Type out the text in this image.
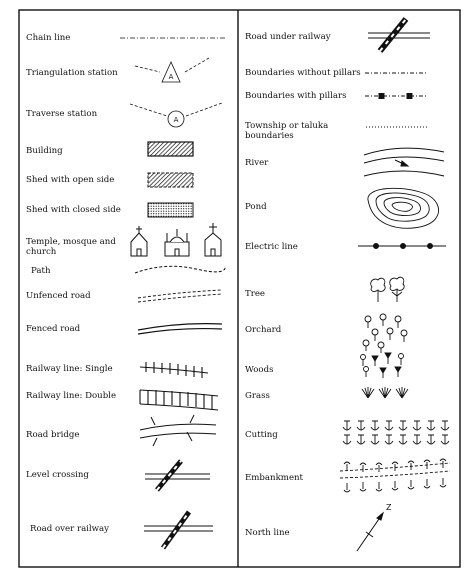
Chain line
Triangulation station
Traverse station
Building
Shed with open side
Shed with closed side
Temple, mosque and church
Path
Unfenced road
Fenced road
Railway line: Single
Railway line: Double
Road bridge
Level crossing
Road over railway
Road under railway
Boundaries without pillars
Boundaries with pillars
Township or taluka boundaries
River
Pond
Electric line
Tree
Orchard
Woods
Grass
Cutting
Embankment
North line
A
A
Z
